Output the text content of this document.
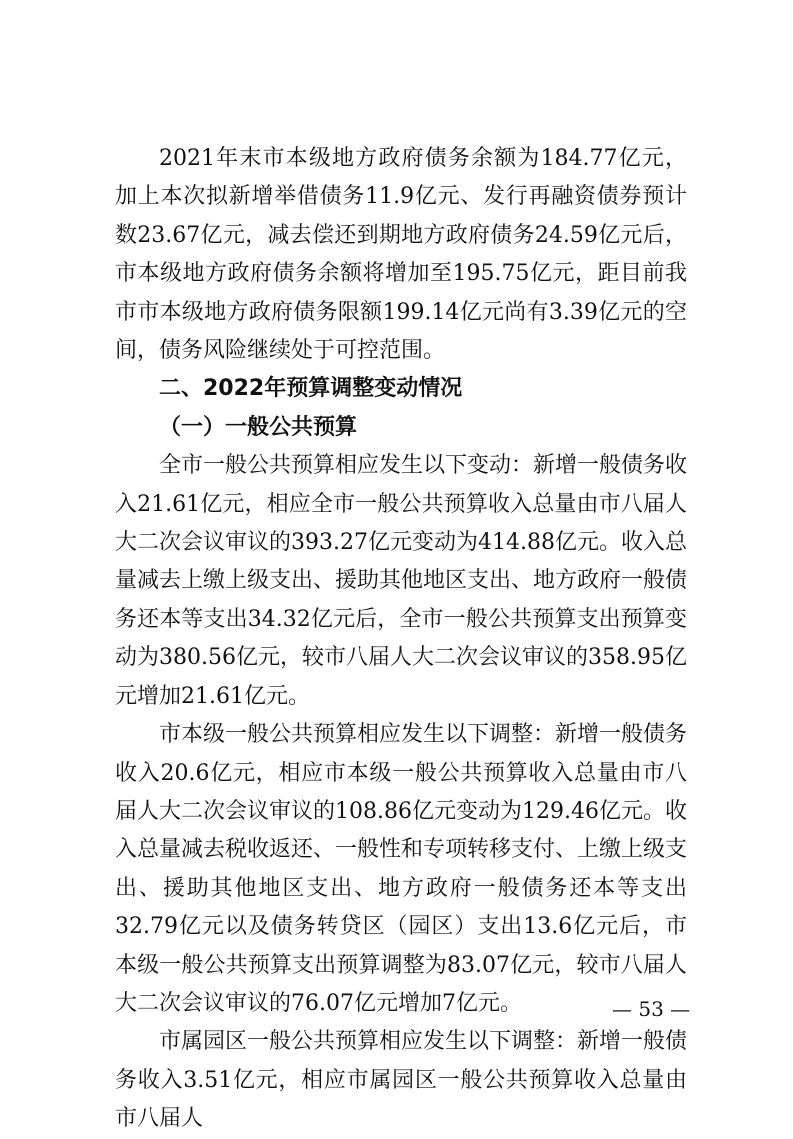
2021年末市本级地方政府债务余额为184.77亿元，加上本次拟新增举借债务11.9亿元、发行再融资债券预计数23.67亿元，减去偿还到期地方政府债务24.59亿元后，市本级地方政府债务余额将增加至195.75亿元，距目前我市市本级地方政府债务限额199.14亿元尚有3.39亿元的空间，债务风险继续处于可控范围。

二、2022年预算调整变动情况

（一）一般公共预算

全市一般公共预算相应发生以下变动：新增一般债务收入21.61亿元，相应全市一般公共预算收入总量由市八届人大二次会议审议的393.27亿元变动为414.88亿元。收入总量减去上缴上级支出、援助其他地区支出、地方政府一般债务还本等支出34.32亿元后，全市一般公共预算支出预算变动为380.56亿元，较市八届人大二次会议审议的358.95亿元增加21.61亿元。

市本级一般公共预算相应发生以下调整：新增一般债务收入20.6亿元，相应市本级一般公共预算收入总量由市八届人大二次会议审议的108.86亿元变动为129.46亿元。收入总量减去税收返还、一般性和专项转移支付、上缴上级支出、援助其他地区支出、地方政府一般债务还本等支出32.79亿元以及债务转贷区（园区）支出13.6亿元后，市本级一般公共预算支出预算调整为83.07亿元，较市八届人大二次会议审议的76.07亿元增加7亿元。

市属园区一般公共预算相应发生以下调整：新增一般债务收入3.51亿元，相应市属园区一般公共预算收入总量由市八届人

— 53 —
